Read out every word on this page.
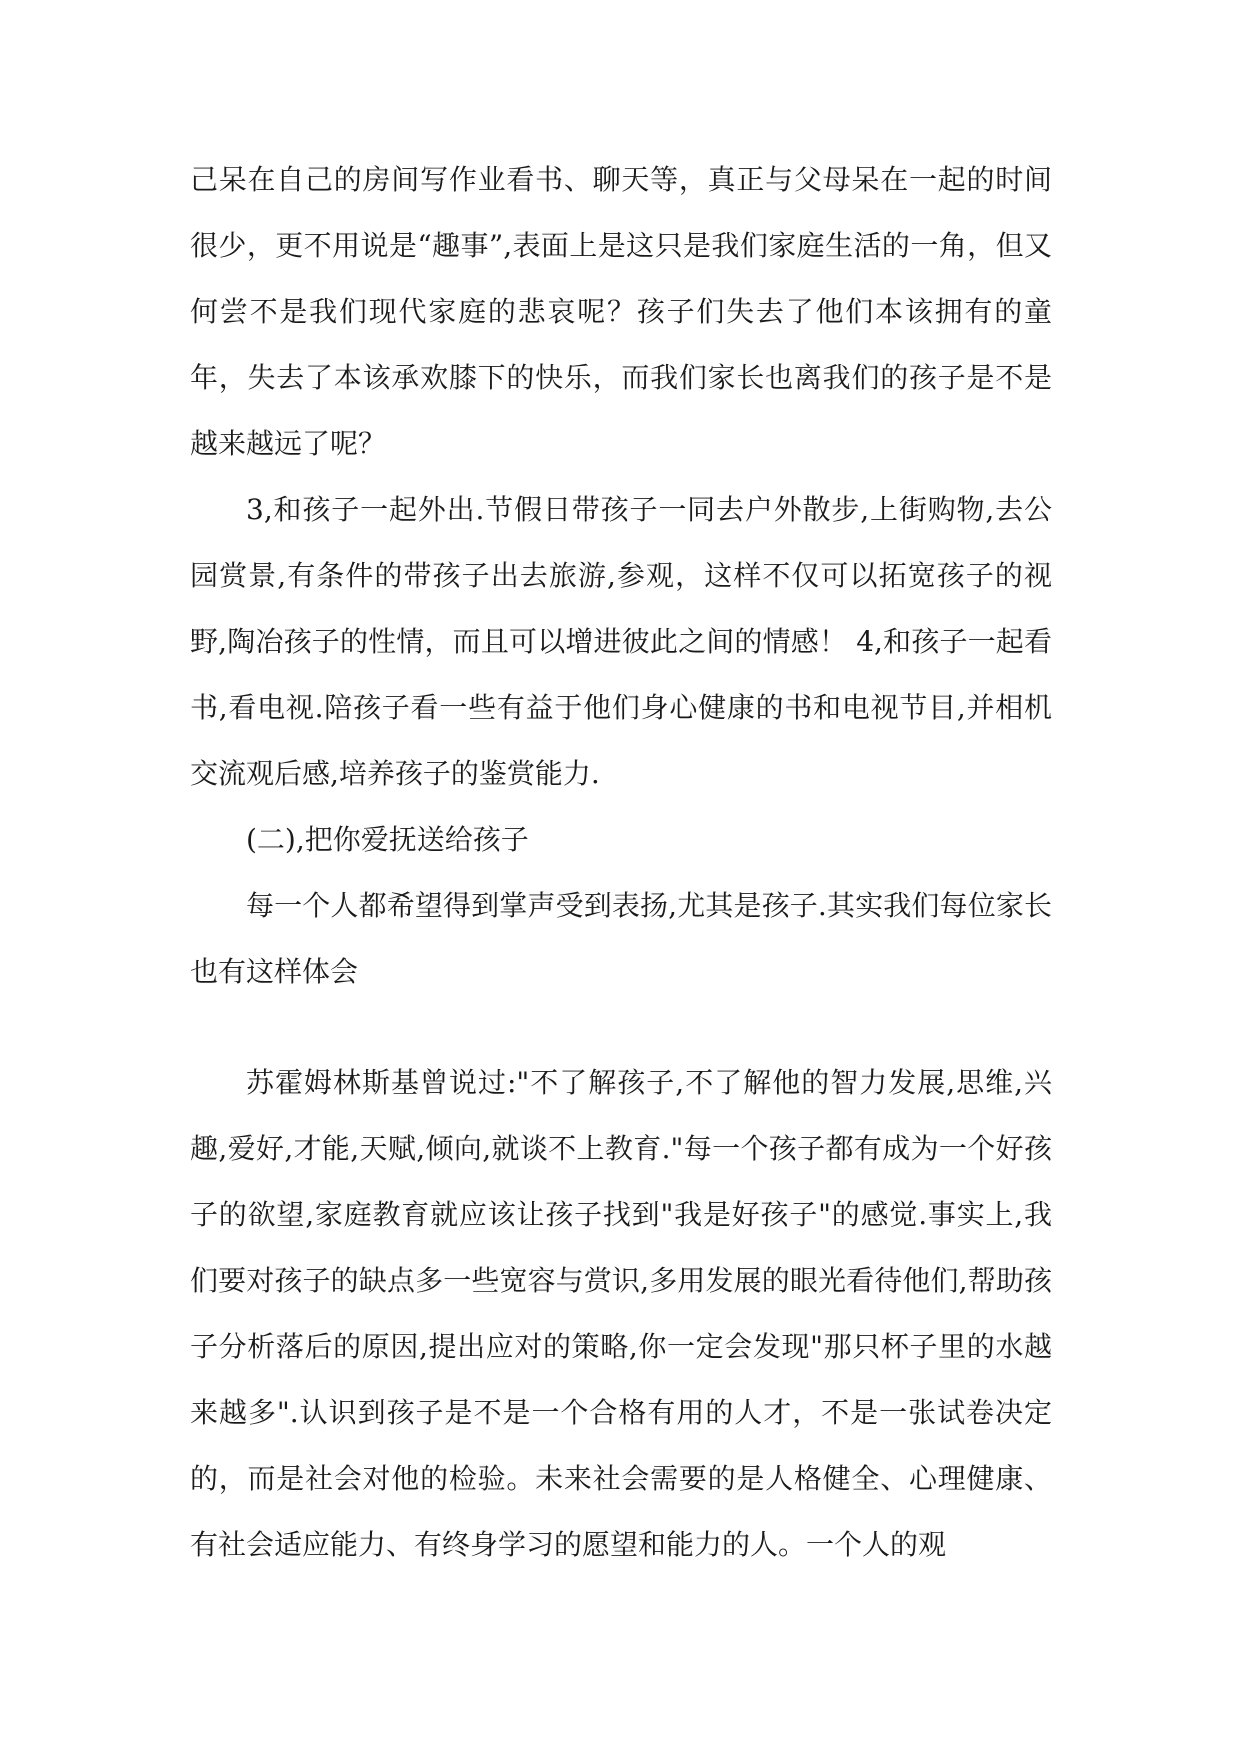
己呆在自己的房间写作业看书、聊天等，真正与父母呆在一起的时间很少，更不用说是“趣事”,表面上是这只是我们家庭生活的一角，但又何尝不是我们现代家庭的悲哀呢？孩子们失去了他们本该拥有的童年，失去了本该承欢膝下的快乐，而我们家长也离我们的孩子是不是越来越远了呢？

3,和孩子一起外出.节假日带孩子一同去户外散步,上街购物,去公园赏景,有条件的带孩子出去旅游,参观，这样不仅可以拓宽孩子的视野,陶冶孩子的性情，而且可以增进彼此之间的情感！ 4,和孩子一起看书,看电视.陪孩子看一些有益于他们身心健康的书和电视节目,并相机交流观后感,培养孩子的鉴赏能力.

(二),把你爱抚送给孩子

每一个人都希望得到掌声受到表扬,尤其是孩子.其实我们每位家长也有这样体会

苏霍姆林斯基曾说过:"不了解孩子,不了解他的智力发展,思维,兴趣,爱好,才能,天赋,倾向,就谈不上教育."每一个孩子都有成为一个好孩子的欲望,家庭教育就应该让孩子找到"我是好孩子"的感觉.事实上,我们要对孩子的缺点多一些宽容与赏识,多用发展的眼光看待他们,帮助孩子分析落后的原因,提出应对的策略,你一定会发现"那只杯子里的水越来越多".认识到孩子是不是一个合格有用的人才，不是一张试卷决定的，而是社会对他的检验。未来社会需要的是人格健全、心理健康、有社会适应能力、有终身学习的愿望和能力的人。一个人的观
